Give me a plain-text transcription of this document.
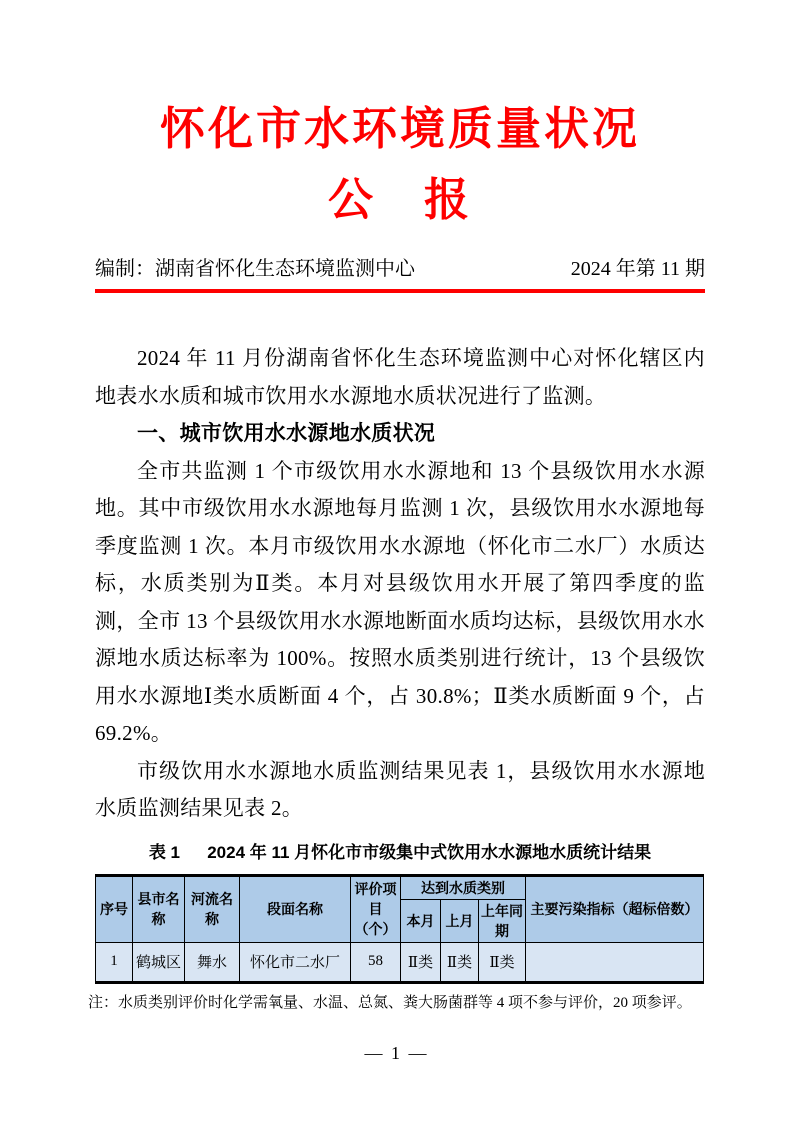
怀化市水环境质量状况
公　报
编制：湖南省怀化生态环境监测中心	2024 年第 11 期

2024 年 11 月份湖南省怀化生态环境监测中心对怀化辖区内地表水水质和城市饮用水水源地水质状况进行了监测。

一、城市饮用水水源地水质状况

全市共监测 1 个市级饮用水水源地和 13 个县级饮用水水源地。其中市级饮用水水源地每月监测 1 次，县级饮用水水源地每季度监测 1 次。本月市级饮用水水源地（怀化市二水厂）水质达标，水质类别为Ⅱ类。本月对县级饮用水开展了第四季度的监测，全市 13 个县级饮用水水源地断面水质均达标，县级饮用水水源地水质达标率为 100%。按照水质类别进行统计，13 个县级饮用水水源地Ⅰ类水质断面 4 个，占 30.8%；Ⅱ类水质断面 9 个，占 69.2%。

市级饮用水水源地水质监测结果见表 1，县级饮用水水源地水质监测结果见表 2。

表 1 2024 年 11 月怀化市市级集中式饮用水水源地水质统计结果
序号	县市名称	河流名称	段面名称	评价项目（个）	达到水质类别			主要污染指标（超标倍数）
					本月	上月	上年同期	
1	鹤城区	舞水	怀化市二水厂	58	Ⅱ类	Ⅱ类	Ⅱ类	
注：水质类别评价时化学需氧量、水温、总氮、粪大肠菌群等 4 项不参与评价，20 项参评。
— 1 —
